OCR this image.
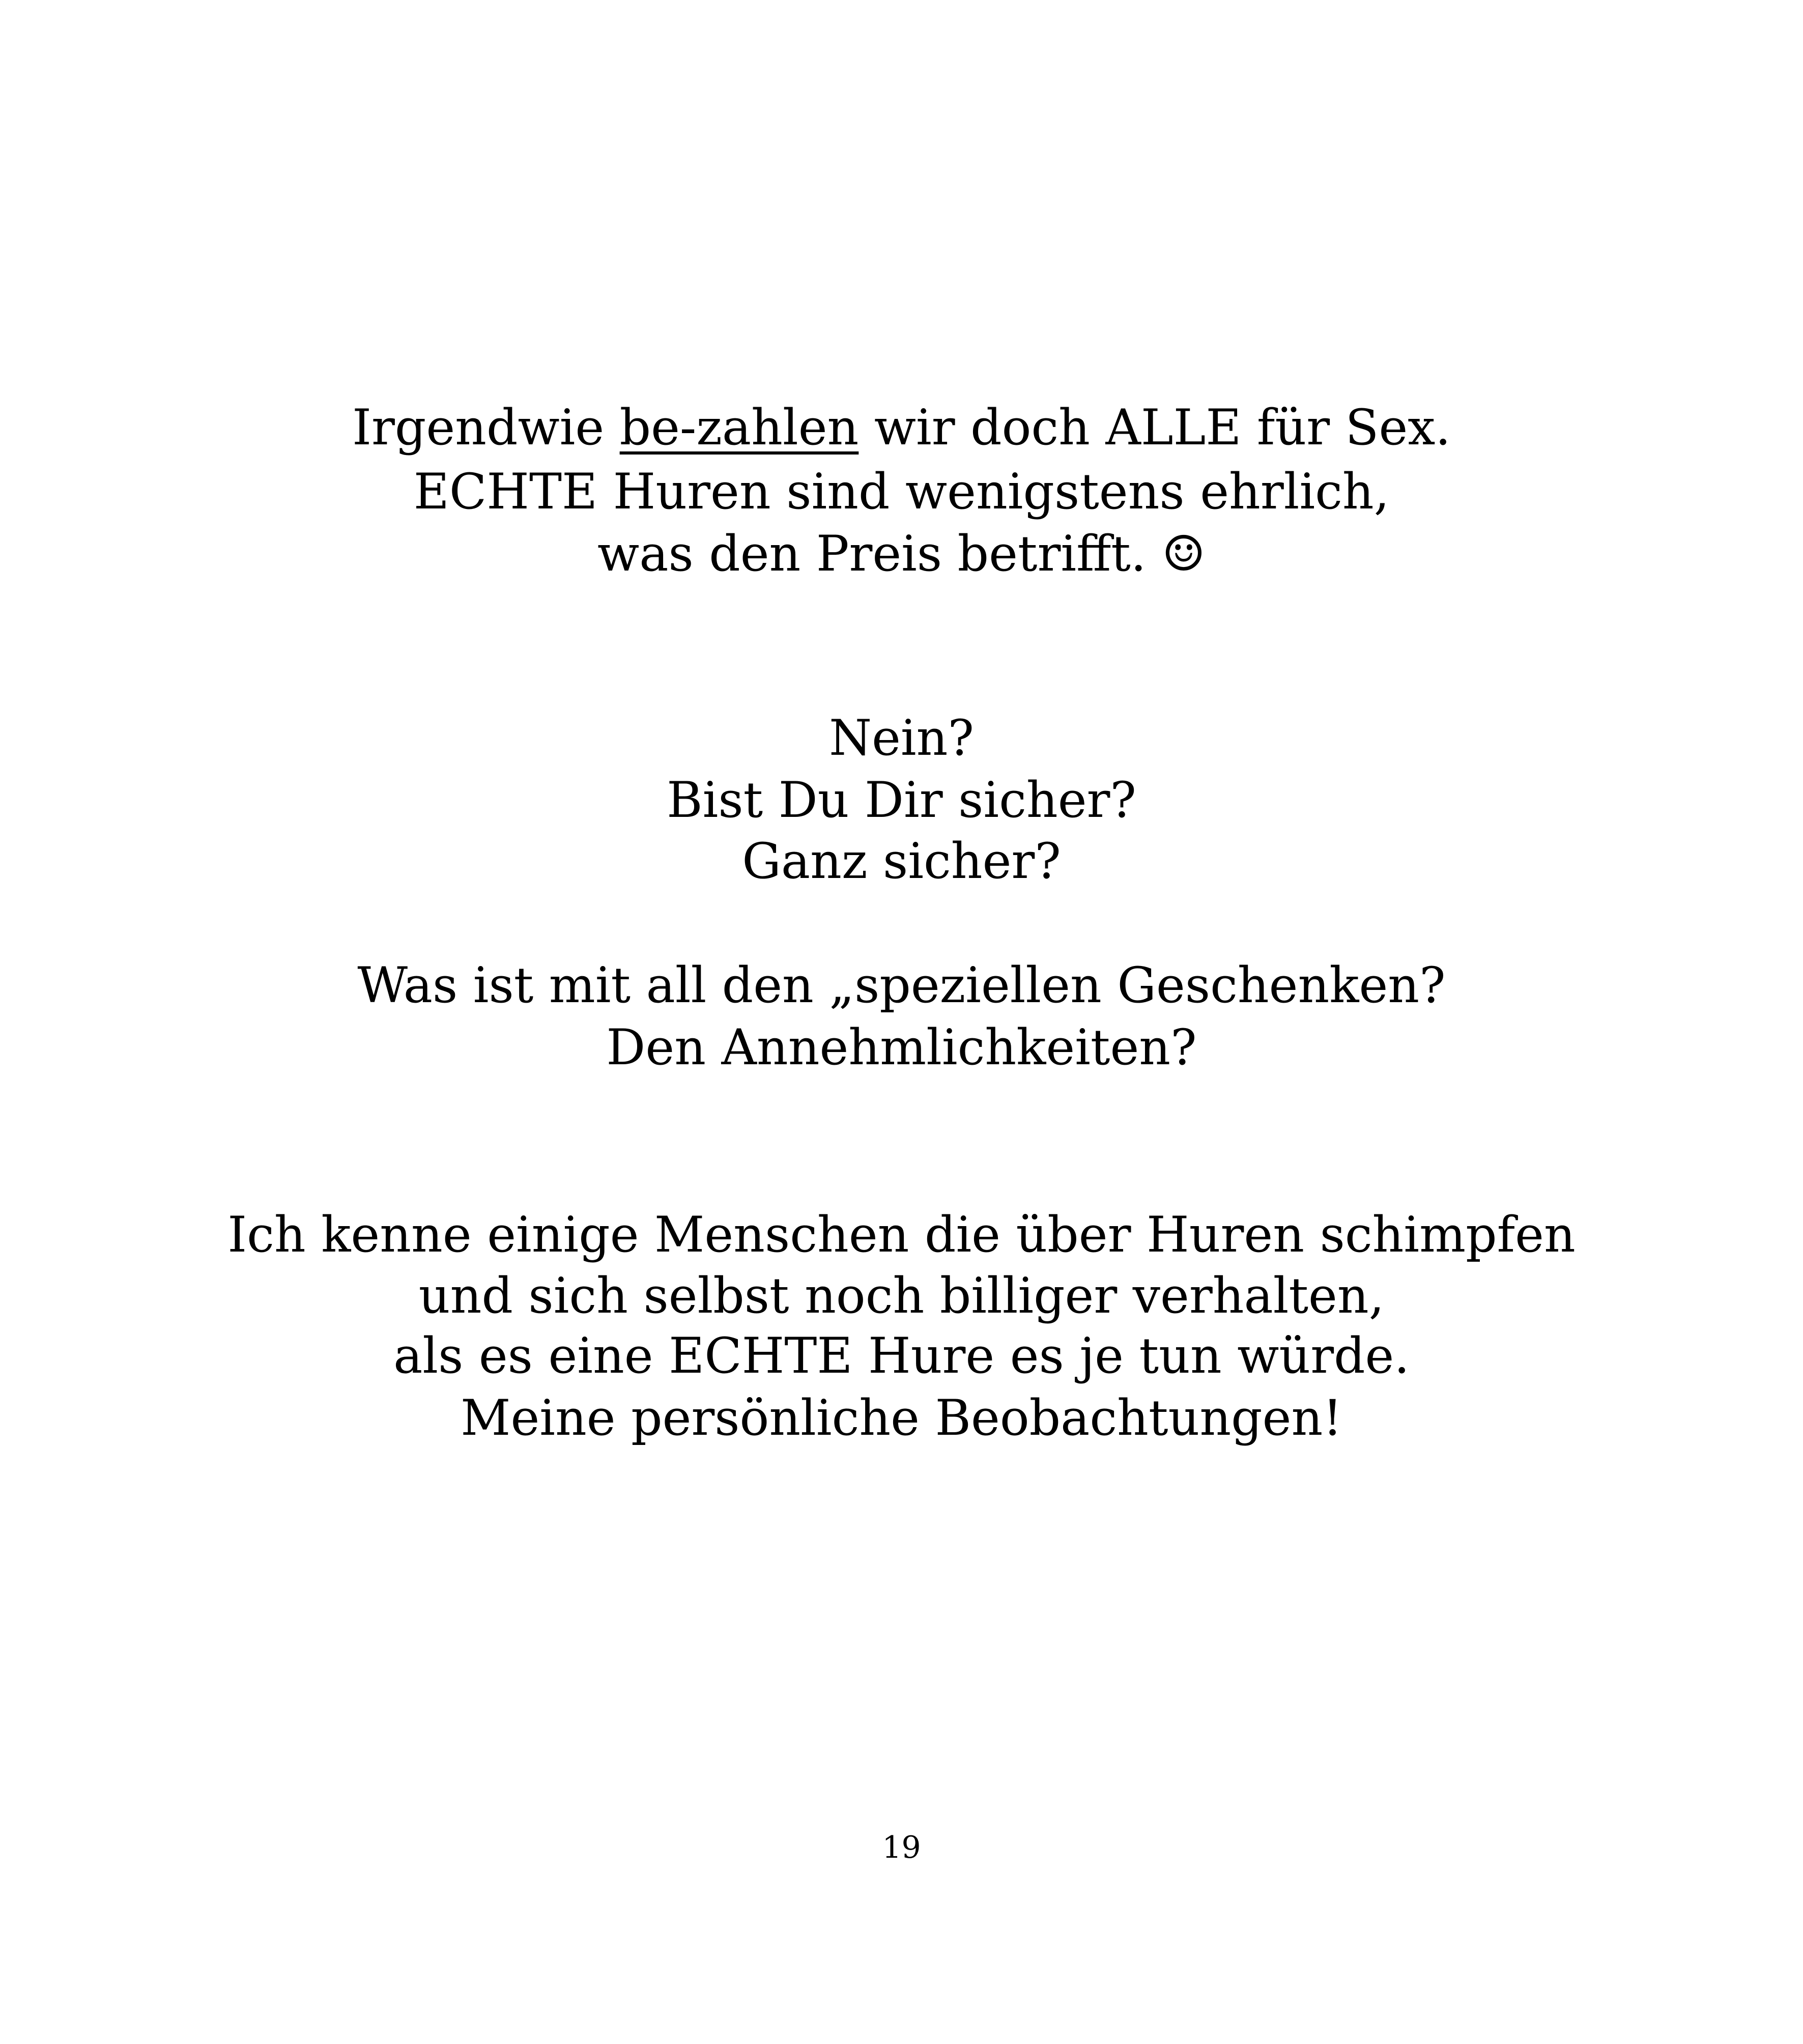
Irgendwie be-zahlen wir doch ALLE für Sex.
ECHTE Huren sind wenigstens ehrlich,
was den Preis betrifft. ☺
Nein?
Bist Du Dir sicher?
Ganz sicher?
Was ist mit all den „speziellen Geschenken?
Den Annehmlichkeiten?
Ich kenne einige Menschen die über Huren schimpfen
und sich selbst noch billiger verhalten,
als es eine ECHTE Hure es je tun würde.
Meine persönliche Beobachtungen!
19
